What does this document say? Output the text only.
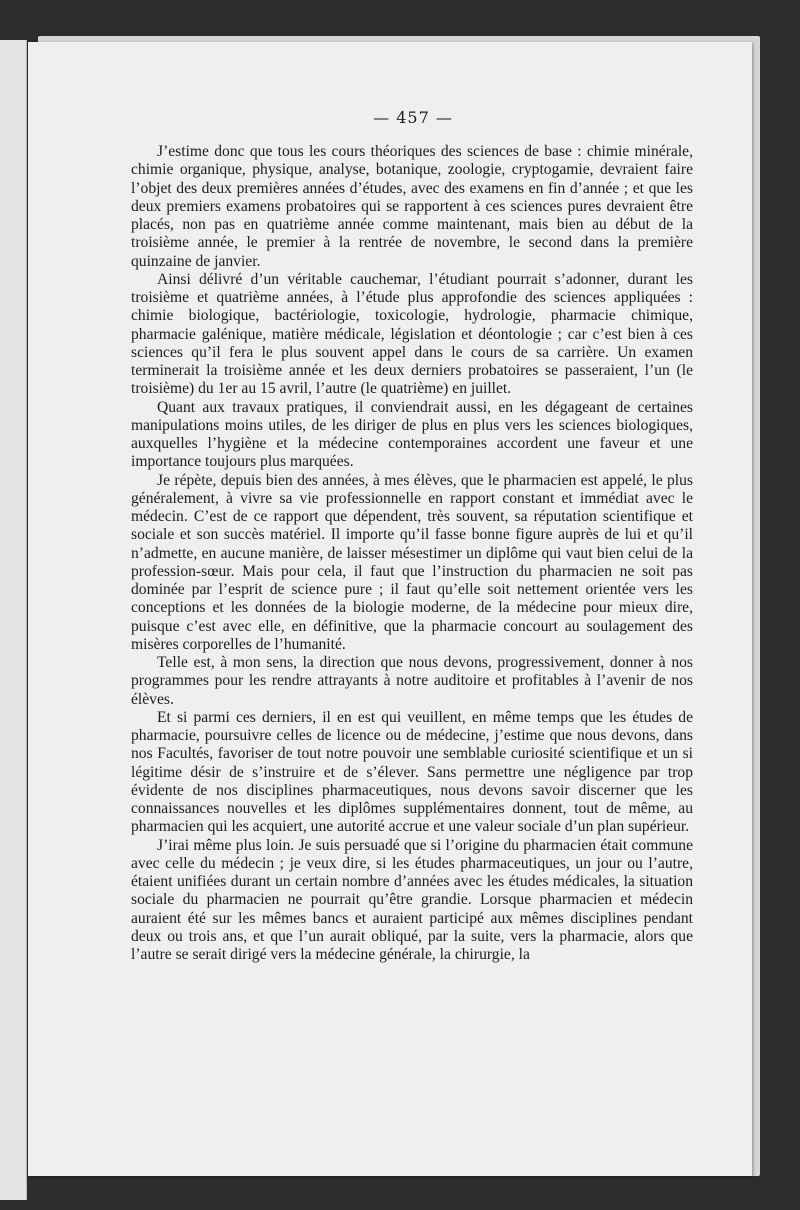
— 457 —

J’estime donc que tous les cours théoriques des sciences de base : chimie minérale, chimie organique, physique, analyse, botanique, zoologie, cryptogamie, devraient faire l’objet des deux premières années d’études, avec des examens en fin d’année ; et que les deux premiers examens probatoires qui se rapportent à ces sciences pures devraient être placés, non pas en quatrième année comme maintenant, mais bien au début de la troisième année, le premier à la rentrée de novembre, le second dans la première quinzaine de janvier.

Ainsi délivré d’un véritable cauchemar, l’étudiant pourrait s’adonner, durant les troisième et quatrième années, à l’étude plus approfondie des sciences appliquées : chimie biologique, bactériologie, toxicologie, hydrologie, pharmacie chimique, pharmacie galénique, matière médicale, législation et déontologie ; car c’est bien à ces sciences qu’il fera le plus souvent appel dans le cours de sa carrière. Un examen terminerait la troisième année et les deux derniers probatoires se passeraient, l’un (le troisième) du 1er au 15 avril, l’autre (le quatrième) en juillet.

Quant aux travaux pratiques, il conviendrait aussi, en les dégageant de certaines manipulations moins utiles, de les diriger de plus en plus vers les sciences biologiques, auxquelles l’hygiène et la médecine contemporaines accordent une faveur et une importance toujours plus marquées.

Je répète, depuis bien des années, à mes élèves, que le pharmacien est appelé, le plus généralement, à vivre sa vie professionnelle en rapport constant et immédiat avec le médecin. C’est de ce rapport que dépendent, très souvent, sa réputation scientifique et sociale et son succès matériel. Il importe qu’il fasse bonne figure auprès de lui et qu’il n’admette, en aucune manière, de laisser mésestimer un diplôme qui vaut bien celui de la profession-sœur. Mais pour cela, il faut que l’instruction du pharmacien ne soit pas dominée par l’esprit de science pure ; il faut qu’elle soit nettement orientée vers les conceptions et les données de la biologie moderne, de la médecine pour mieux dire, puisque c’est avec elle, en définitive, que la pharmacie concourt au soulagement des misères corporelles de l’humanité.

Telle est, à mon sens, la direction que nous devons, progressivement, donner à nos programmes pour les rendre attrayants à notre auditoire et profitables à l’avenir de nos élèves.

Et si parmi ces derniers, il en est qui veuillent, en même temps que les études de pharmacie, poursuivre celles de licence ou de médecine, j’estime que nous devons, dans nos Facultés, favoriser de tout notre pouvoir une semblable curiosité scientifique et un si légitime désir de s’instruire et de s’élever. Sans permettre une négligence par trop évidente de nos disciplines pharmaceutiques, nous devons savoir discerner que les connaissances nouvelles et les diplômes supplémentaires donnent, tout de même, au pharmacien qui les acquiert, une autorité accrue et une valeur sociale d’un plan supérieur.

J’irai même plus loin. Je suis persuadé que si l’origine du pharmacien était commune avec celle du médecin ; je veux dire, si les études pharmaceutiques, un jour ou l’autre, étaient unifiées durant un certain nombre d’années avec les études médicales, la situation sociale du pharmacien ne pourrait qu’être grandie. Lorsque pharmacien et médecin auraient été sur les mêmes bancs et auraient participé aux mêmes disciplines pendant deux ou trois ans, et que l’un aurait obliqué, par la suite, vers la pharmacie, alors que l’autre se serait dirigé vers la médecine générale, la chirurgie, la
